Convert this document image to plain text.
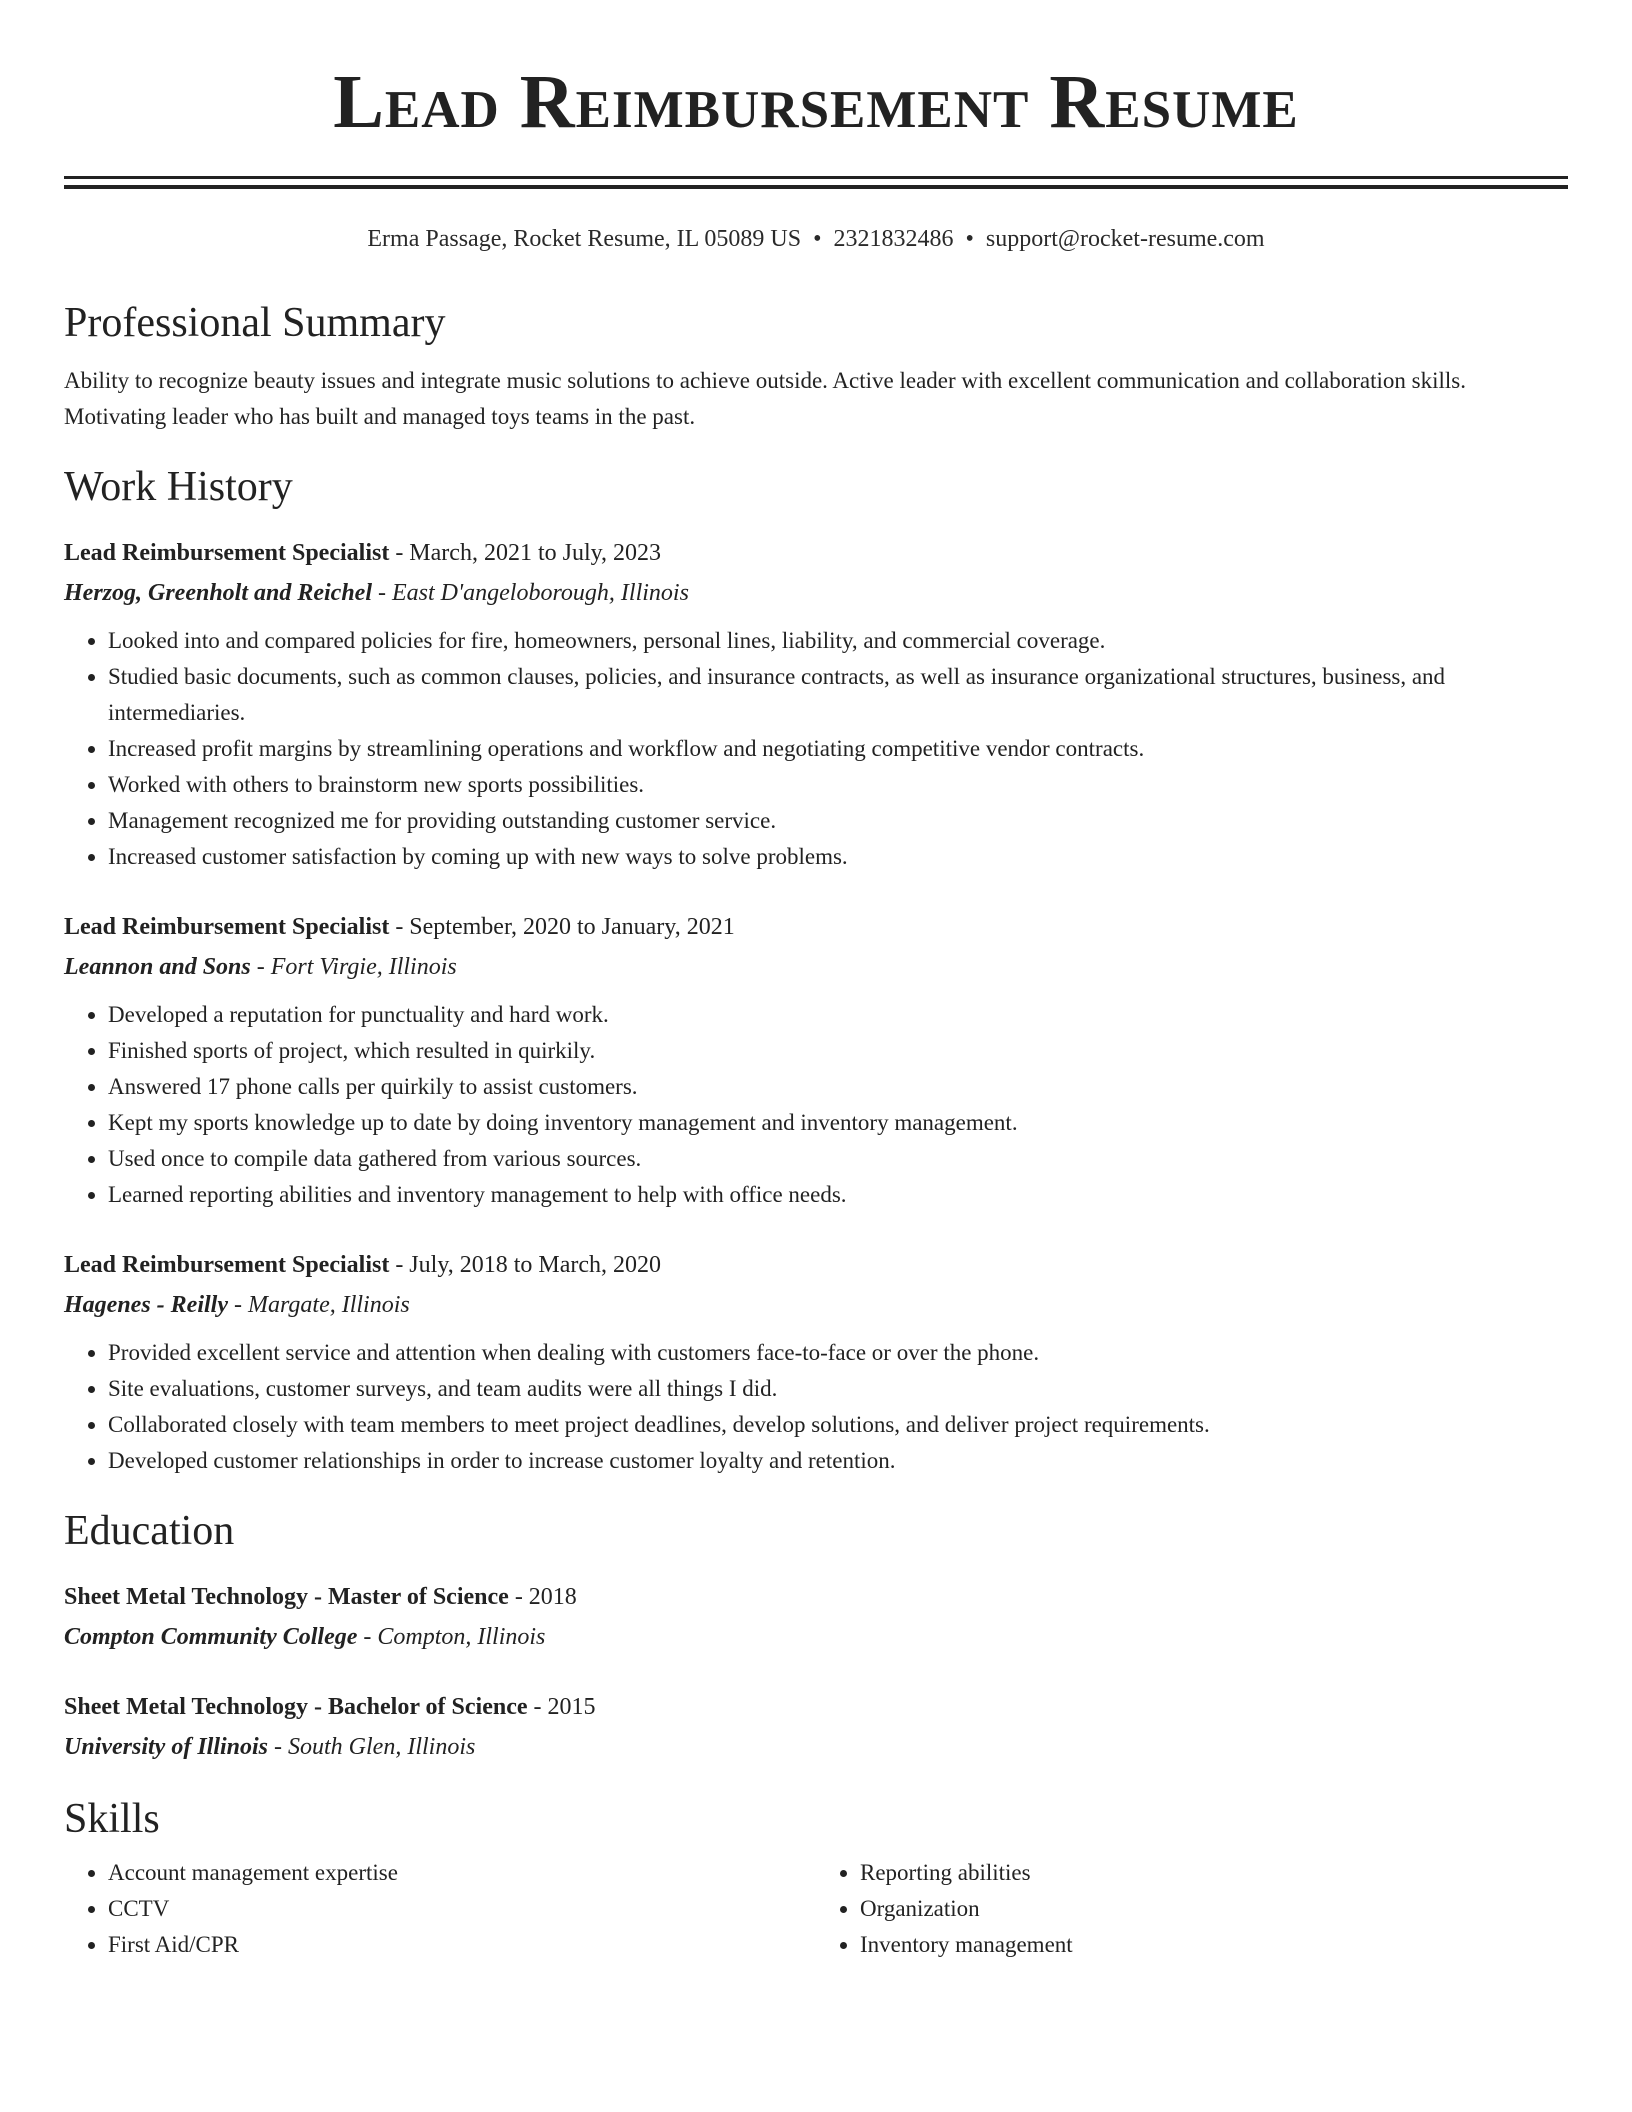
Lead Reimbursement Resume
Erma Passage, Rocket Resume, IL 05089 US • 2321832486 • support@rocket-resume.com
Professional Summary

Ability to recognize beauty issues and integrate music solutions to achieve outside. Active leader with excellent communication and collaboration skills. Motivating leader who has built and managed toys teams in the past.

Work History
Lead Reimbursement Specialist - March, 2021 to July, 2023
Herzog, Greenholt and Reichel - East D'angeloborough, Illinois
• Looked into and compared policies for fire, homeowners, personal lines, liability, and commercial coverage.
• Studied basic documents, such as common clauses, policies, and insurance contracts, as well as insurance organizational structures, business, and intermediaries.
• Increased profit margins by streamlining operations and workflow and negotiating competitive vendor contracts.
• Worked with others to brainstorm new sports possibilities.
• Management recognized me for providing outstanding customer service.
• Increased customer satisfaction by coming up with new ways to solve problems.
Lead Reimbursement Specialist - September, 2020 to January, 2021
Leannon and Sons - Fort Virgie, Illinois
• Developed a reputation for punctuality and hard work.
• Finished sports of project, which resulted in quirkily.
• Answered 17 phone calls per quirkily to assist customers.
• Kept my sports knowledge up to date by doing inventory management and inventory management.
• Used once to compile data gathered from various sources.
• Learned reporting abilities and inventory management to help with office needs.
Lead Reimbursement Specialist - July, 2018 to March, 2020
Hagenes - Reilly - Margate, Illinois
• Provided excellent service and attention when dealing with customers face-to-face or over the phone.
• Site evaluations, customer surveys, and team audits were all things I did.
• Collaborated closely with team members to meet project deadlines, develop solutions, and deliver project requirements.
• Developed customer relationships in order to increase customer loyalty and retention.
Education
Sheet Metal Technology - Master of Science - 2018
Compton Community College - Compton, Illinois
Sheet Metal Technology - Bachelor of Science - 2015
University of Illinois - South Glen, Illinois
Skills
• Account management expertise
• CCTV
• First Aid/CPR
• Reporting abilities
• Organization
• Inventory management
